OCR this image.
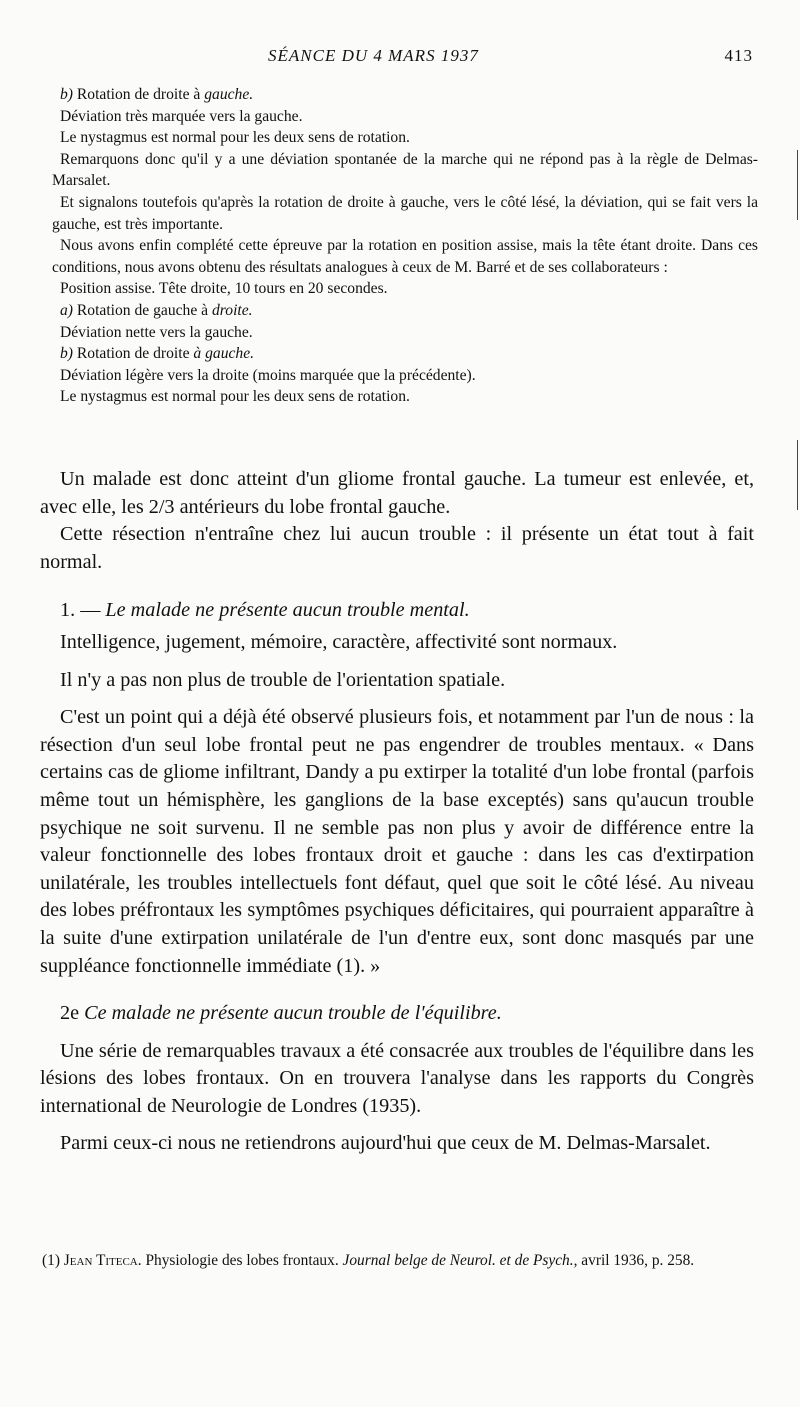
SÉANCE DU 4 MARS 1937	413

b) Rotation de droite à gauche.

Déviation très marquée vers la gauche.

Le nystagmus est normal pour les deux sens de rotation.

Remarquons donc qu'il y a une déviation spontanée de la marche qui ne répond pas à la règle de Delmas-Marsalet.

Et signalons toutefois qu'après la rotation de droite à gauche, vers le côté lésé, la déviation, qui se fait vers la gauche, est très importante.

Nous avons enfin complété cette épreuve par la rotation en position assise, mais la tête étant droite. Dans ces conditions, nous avons obtenu des résultats analogues à ceux de M. Barré et de ses collaborateurs :

Position assise. Tête droite, 10 tours en 20 secondes.

a) Rotation de gauche à droite.

Déviation nette vers la gauche.

b) Rotation de droite à gauche.

Déviation légère vers la droite (moins marquée que la précédente).

Le nystagmus est normal pour les deux sens de rotation.

Un malade est donc atteint d'un gliome frontal gauche. La tumeur est enlevée, et, avec elle, les 2/3 antérieurs du lobe frontal gauche.

Cette résection n'entraîne chez lui aucun trouble : il présente un état tout à fait normal.

1. — Le malade ne présente aucun trouble mental.

Intelligence, jugement, mémoire, caractère, affectivité sont normaux.

Il n'y a pas non plus de trouble de l'orientation spatiale.

C'est un point qui a déjà été observé plusieurs fois, et notamment par l'un de nous : la résection d'un seul lobe frontal peut ne pas engendrer de troubles mentaux. « Dans certains cas de gliome infiltrant, Dandy a pu extirper la totalité d'un lobe frontal (parfois même tout un hémisphère, les ganglions de la base exceptés) sans qu'aucun trouble psychique ne soit survenu. Il ne semble pas non plus y avoir de différence entre la valeur fonctionnelle des lobes frontaux droit et gauche : dans les cas d'extirpation unilatérale, les troubles intellectuels font défaut, quel que soit le côté lésé. Au niveau des lobes préfrontaux les symptômes psychiques déficitaires, qui pourraient apparaître à la suite d'une extirpation unilatérale de l'un d'entre eux, sont donc masqués par une suppléance fonctionnelle immédiate (1). »

2e Ce malade ne présente aucun trouble de l'équilibre.

Une série de remarquables travaux a été consacrée aux troubles de l'équilibre dans les lésions des lobes frontaux. On en trouvera l'analyse dans les rapports du Congrès international de Neurologie de Londres (1935).

Parmi ceux-ci nous ne retiendrons aujourd'hui que ceux de M. Delmas-Marsalet.

(1) Jean Titeca. Physiologie des lobes frontaux. Journal belge de Neurol. et de Psych., avril 1936, p. 258.
